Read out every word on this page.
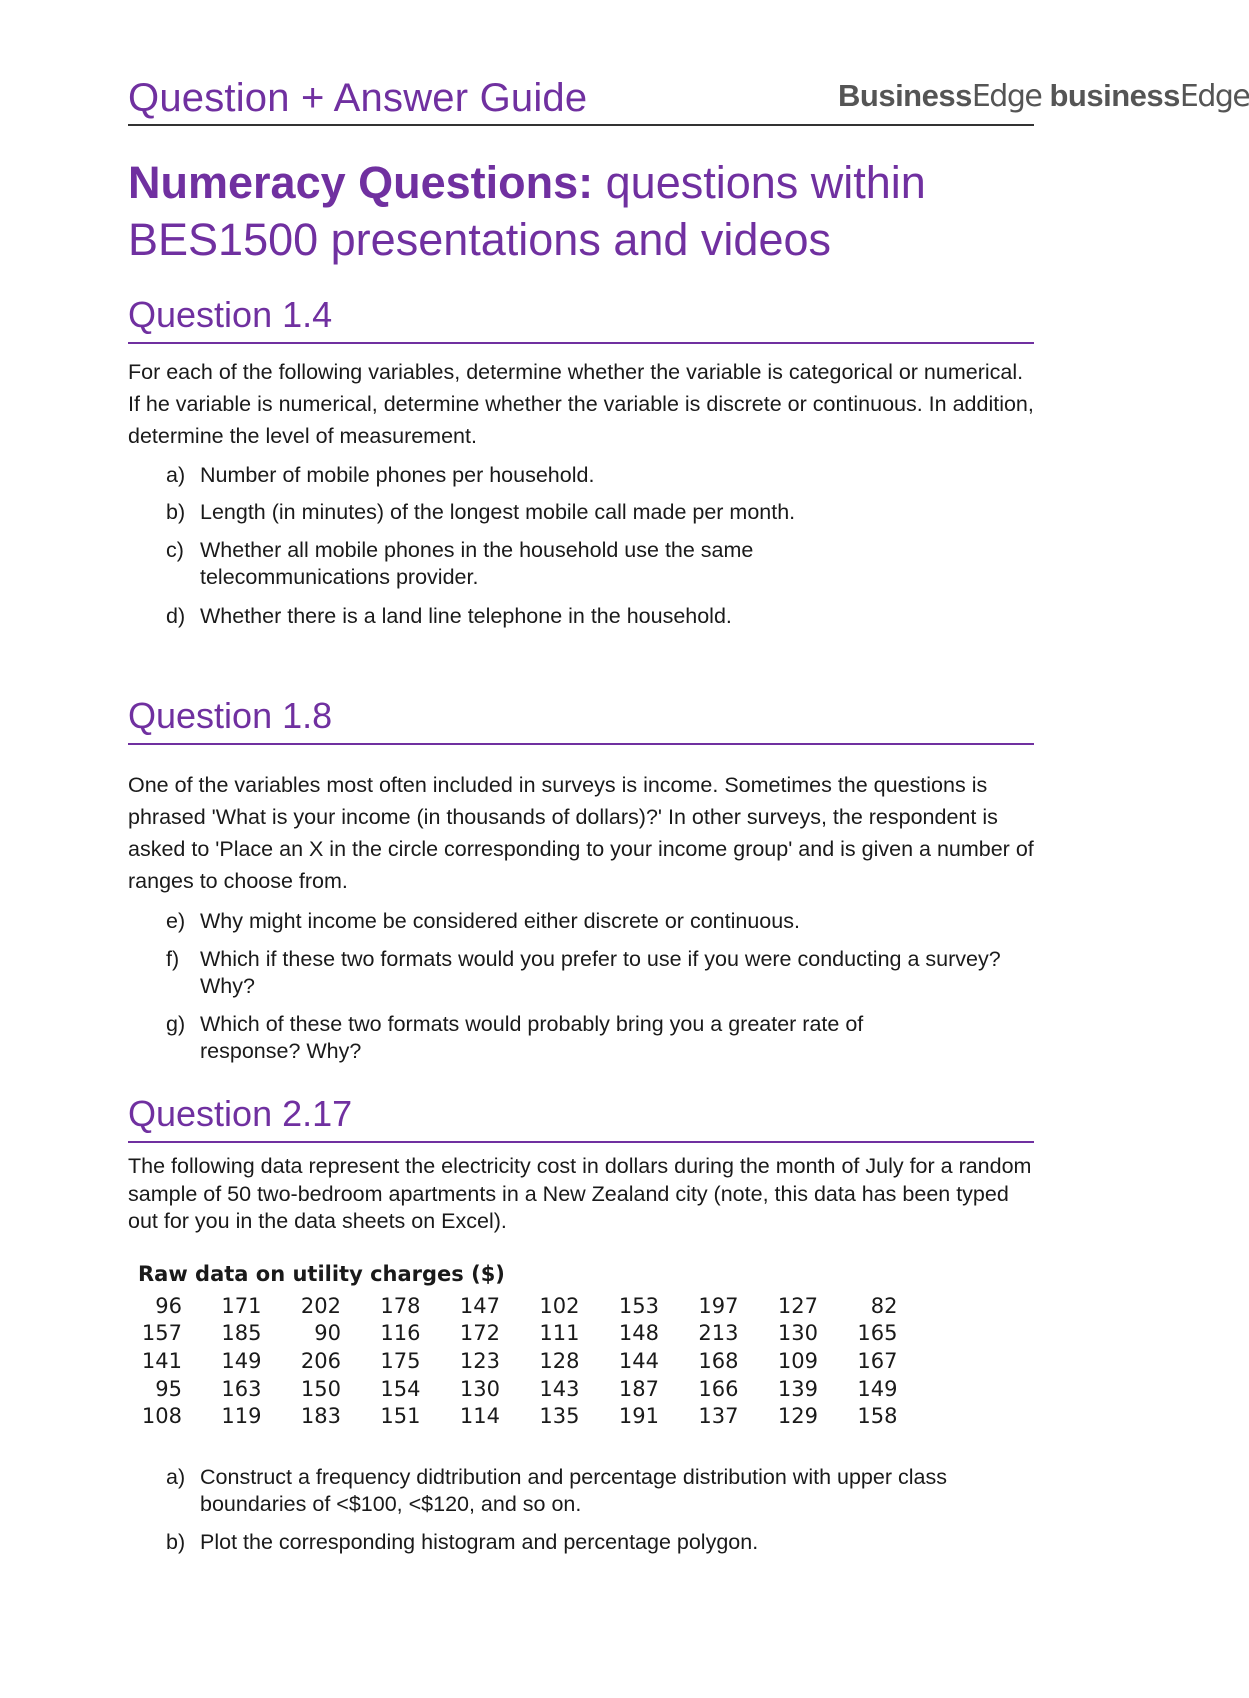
Question + Answer Guide	BusinessEdge businessEdge
Numeracy Questions: questions within BES1500 presentations and videos
Question 1.4
For each of the following variables, determine whether the variable is categorical or numerical. If he variable is numerical, determine whether the variable is discrete or continuous. In addition, determine the level of measurement.
a) Number of mobile phones per household.
b) Length (in minutes) of the longest mobile call made per month.
c) Whether all mobile phones in the household use the same telecommunications provider.
d) Whether there is a land line telephone in the household.
Question 1.8
One of the variables most often included in surveys is income. Sometimes the questions is phrased 'What is your income (in thousands of dollars)?' In other surveys, the respondent is asked to 'Place an X in the circle corresponding to your income group' and is given a number of ranges to choose from.
e) Why might income be considered either discrete or continuous.
f) Which if these two formats would you prefer to use if you were conducting a survey? Why?
g) Which of these two formats would probably bring you a greater rate of response? Why?
Question 2.17
The following data represent the electricity cost in dollars during the month of July for a random sample of 50 two-bedroom apartments in a New Zealand city (note, this data has been typed out for you in the data sheets on Excel).
Raw data on utility charges ($)
96	171	202	178	147	102	153	197	127	82
157	185	90	116	172	111	148	213	130	165
141	149	206	175	123	128	144	168	109	167
95	163	150	154	130	143	187	166	139	149
108	119	183	151	114	135	191	137	129	158
a) Construct a frequency didtribution and percentage distribution with upper class boundaries of <$100, <$120, and so on.
b) Plot the corresponding histogram and percentage polygon.
